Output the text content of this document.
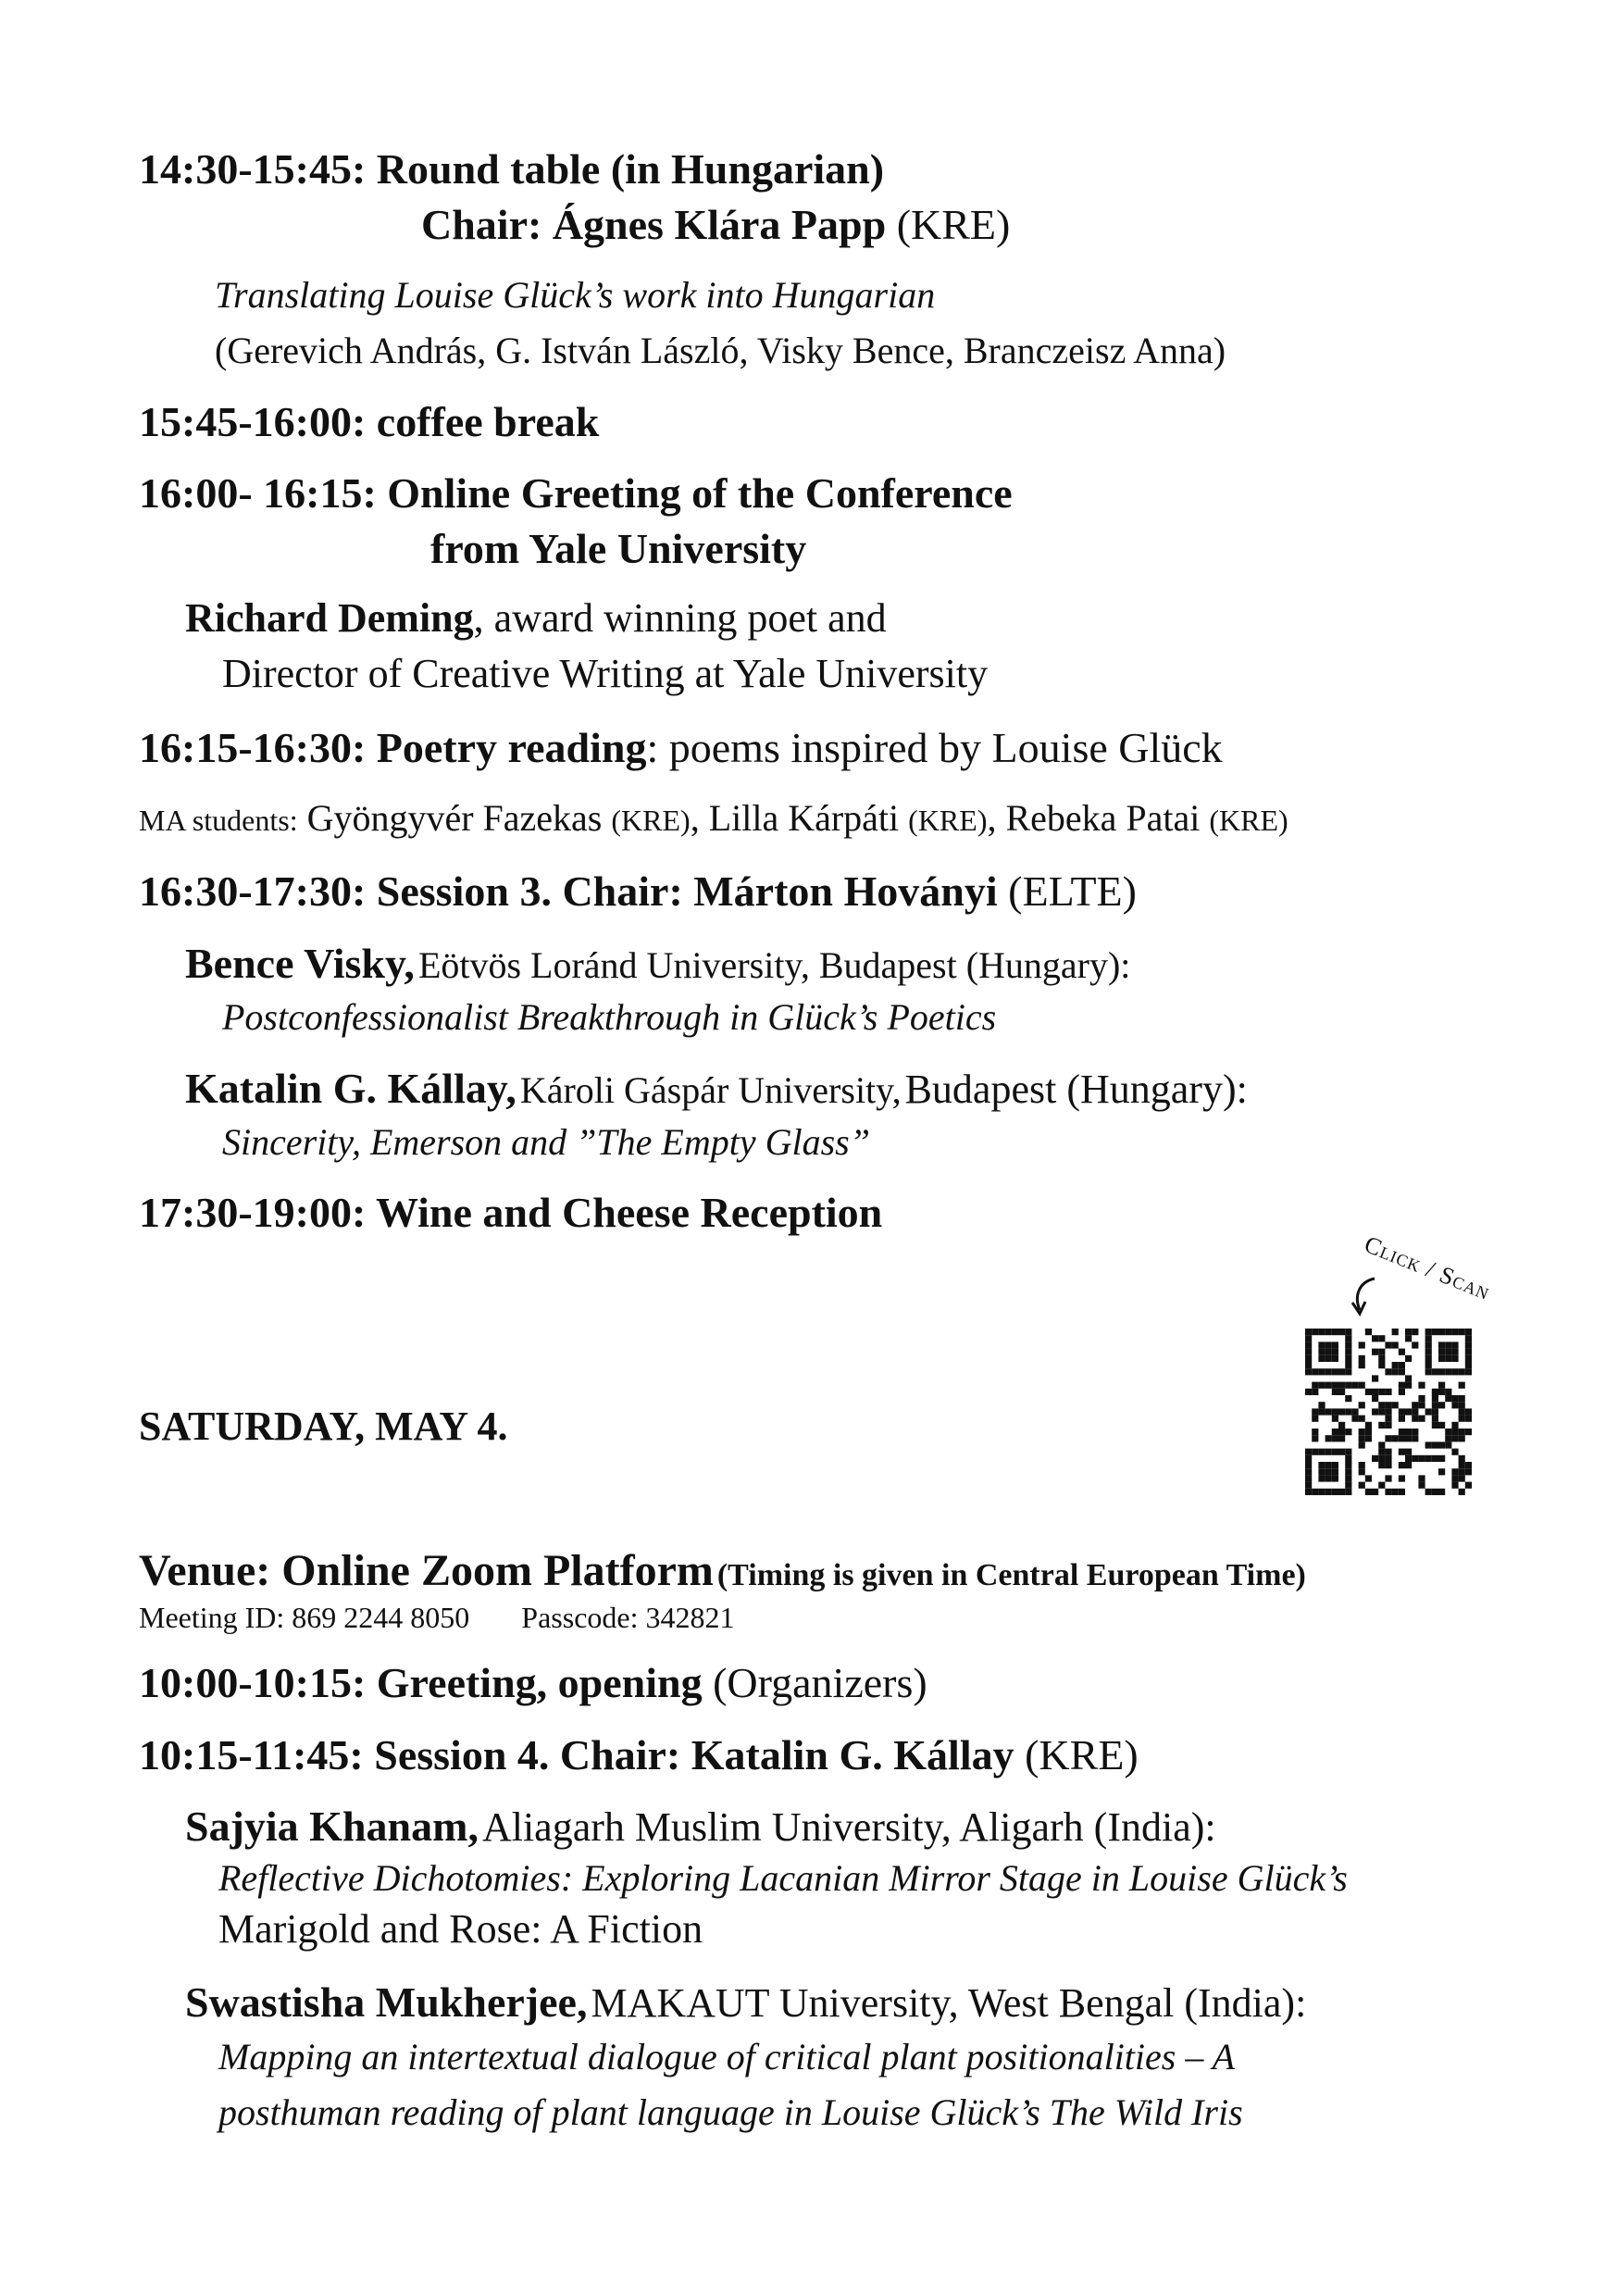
14:30-15:45: Round table (in Hungarian)
Chair: Ágnes Klára Papp (KRE)
Translating Louise Glück’s work into Hungarian
(Gerevich András, G. István László, Visky Bence, Branczeisz Anna)
15:45-16:00: coffee break
16:00- 16:15: Online Greeting of the Conference
from Yale University
Richard Deming, award winning poet and
Director of Creative Writing at Yale University
16:15-16:30: Poetry reading: poems inspired by Louise Glück
MA students: Gyöngyvér Fazekas (KRE), Lilla Kárpáti (KRE), Rebeka Patai (KRE)
16:30-17:30: Session 3. Chair: Márton Hoványi (ELTE)
Bence Visky, Eötvös Loránd University, Budapest (Hungary):
Postconfessionalist Breakthrough in Glück’s Poetics
Katalin G. Kállay, Károli Gáspár University, Budapest (Hungary):
Sincerity, Emerson and ”The Empty Glass”
17:30-19:00: Wine and Cheese Reception
Click / Scan
SATURDAY, MAY 4.
Venue: Online Zoom Platform (Timing is given in Central European Time)
Meeting ID: 869 2244 8050 Passcode: 342821
10:00-10:15: Greeting, opening (Organizers)
10:15-11:45: Session 4. Chair: Katalin G. Kállay (KRE)
Sajyia Khanam, Aliagarh Muslim University, Aligarh (India):
Reflective Dichotomies: Exploring Lacanian Mirror Stage in Louise Glück’s
Marigold and Rose: A Fiction
Swastisha Mukherjee, MAKAUT University, West Bengal (India):
Mapping an intertextual dialogue of critical plant positionalities – A
posthuman reading of plant language in Louise Glück’s The Wild Iris
